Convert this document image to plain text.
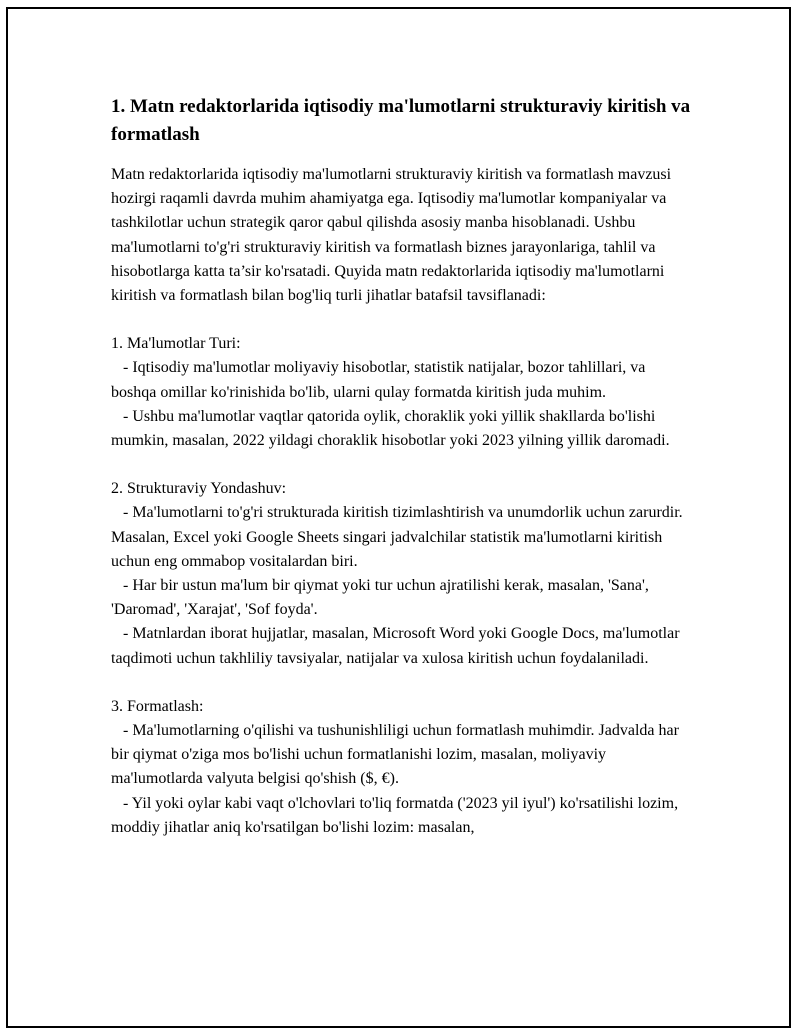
1. Matn redaktorlarida iqtisodiy ma'lumotlarni strukturaviy kiritish va formatlash

Matn redaktorlarida iqtisodiy ma'lumotlarni strukturaviy kiritish va formatlash mavzusi hozirgi raqamli davrda muhim ahamiyatga ega. Iqtisodiy ma'lumotlar kompaniyalar va tashkilotlar uchun strategik qaror qabul qilishda asosiy manba hisoblanadi. Ushbu ma'lumotlarni to'g'ri strukturaviy kiritish va formatlash biznes jarayonlariga, tahlil va hisobotlarga katta ta’sir ko'rsatadi. Quyida matn redaktorlarida iqtisodiy ma'lumotlarni kiritish va formatlash bilan bog'liq turli jihatlar batafsil tavsiflanadi:

1. Ma'lumotlar Turi:

- Iqtisodiy ma'lumotlar moliyaviy hisobotlar, statistik natijalar, bozor tahlillari, va boshqa omillar ko'rinishida bo'lib, ularni qulay formatda kiritish juda muhim.

- Ushbu ma'lumotlar vaqtlar qatorida oylik, choraklik yoki yillik shakllarda bo'lishi mumkin, masalan, 2022 yildagi choraklik hisobotlar yoki 2023 yilning yillik daromadi.

2. Strukturaviy Yondashuv:

- Ma'lumotlarni to'g'ri strukturada kiritish tizimlashtirish va unumdorlik uchun zarurdir. Masalan, Excel yoki Google Sheets singari jadvalchilar statistik ma'lumotlarni kiritish uchun eng ommabop vositalardan biri.

- Har bir ustun ma'lum bir qiymat yoki tur uchun ajratilishi kerak, masalan, 'Sana', 'Daromad', 'Xarajat', 'Sof foyda'.

- Matnlardan iborat hujjatlar, masalan, Microsoft Word yoki Google Docs, ma'lumotlar taqdimoti uchun takhliliy tavsiyalar, natijalar va xulosa kiritish uchun foydalaniladi.

3. Formatlash:

- Ma'lumotlarning o'qilishi va tushunishliligi uchun formatlash muhimdir. Jadvalda har bir qiymat o'ziga mos bo'lishi uchun formatlanishi lozim, masalan, moliyaviy ma'lumotlarda valyuta belgisi qo'shish ($, €).

- Yil yoki oylar kabi vaqt o'lchovlari to'liq formatda ('2023 yil iyul') ko'rsatilishi lozim, moddiy jihatlar aniq ko'rsatilgan bo'lishi lozim: masalan,
